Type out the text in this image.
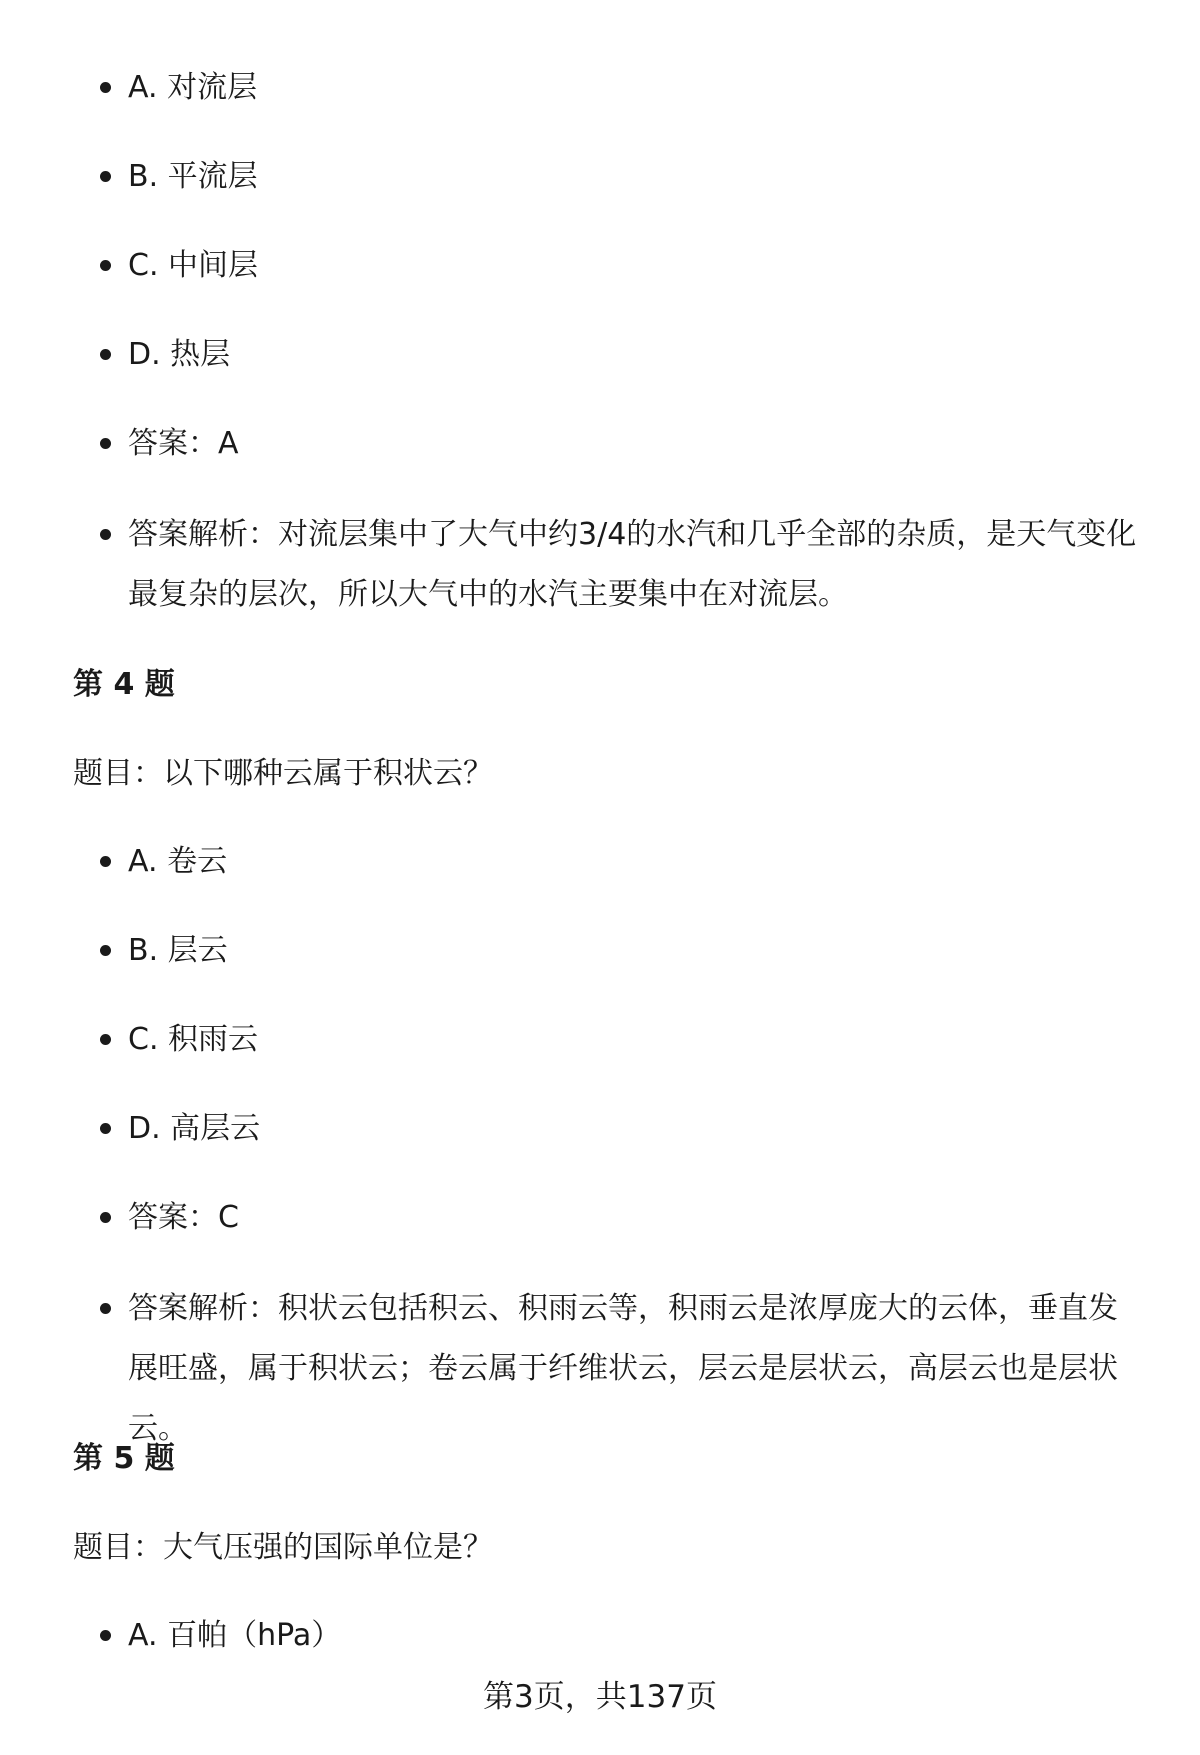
A. 对流层
B. 平流层
C. 中间层
D. 热层
答案：A
答案解析：对流层集中了大气中约3/4的水汽和几乎全部的杂质，是天气变化最复杂的层次，所以大气中的水汽主要集中在对流层。
第 4 题
题目：以下哪种云属于积状云？
A. 卷云
B. 层云
C. 积雨云
D. 高层云
答案：C
答案解析：积状云包括积云、积雨云等，积雨云是浓厚庞大的云体，垂直发展旺盛，属于积状云；卷云属于纤维状云，层云是层状云，高层云也是层状云。
第 5 题
题目：大气压强的国际单位是？
A. 百帕（hPa）
第3页，共137页
